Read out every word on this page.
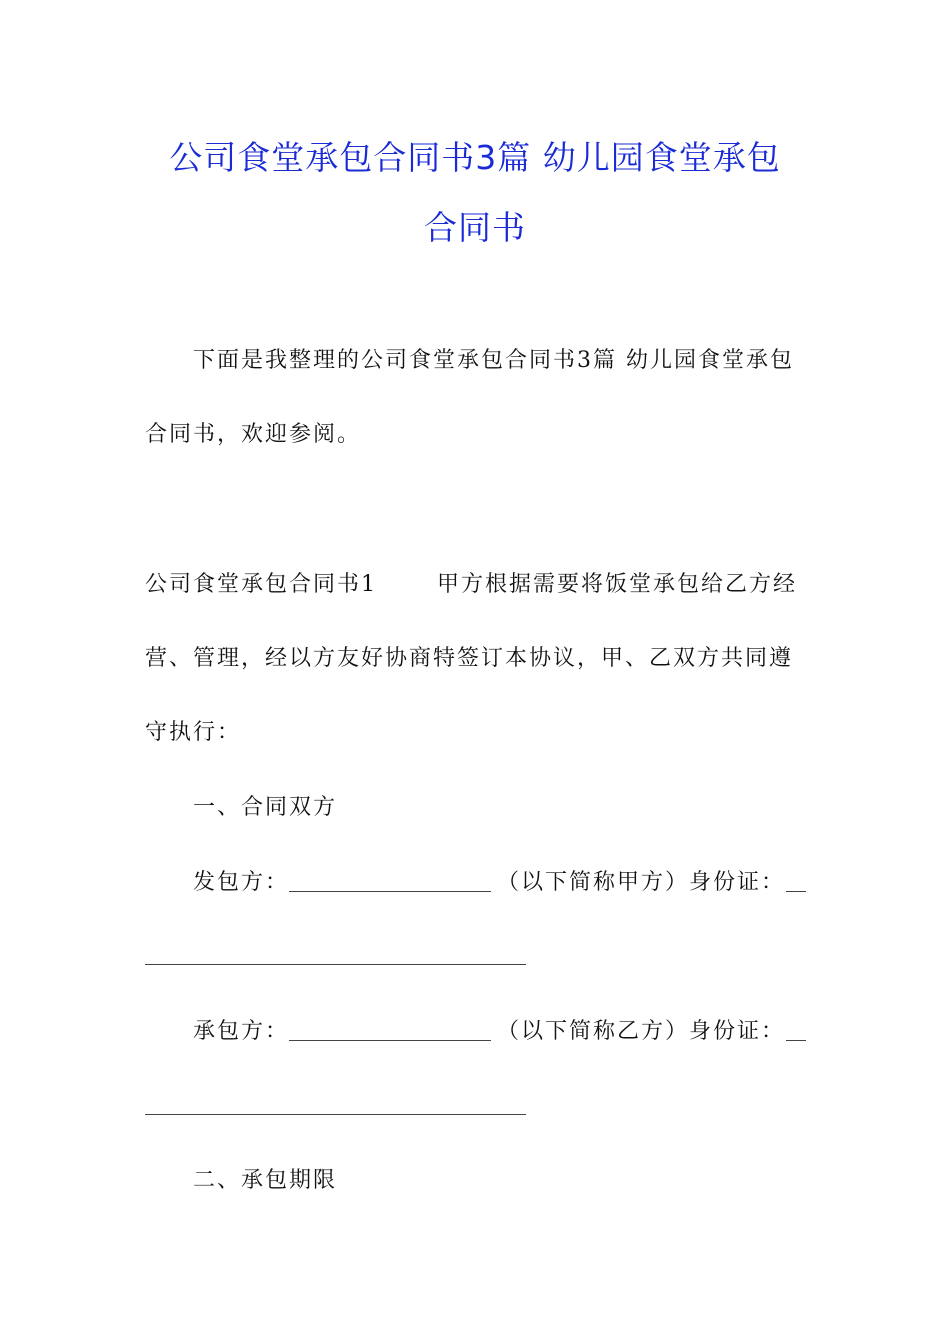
公司食堂承包合同书3篇 幼儿园食堂承包
合同书
下面是我整理的公司食堂承包合同书3篇 幼儿园食堂承包
合同书，欢迎参阅。
公司食堂承包合同书1	甲方根据需要将饭堂承包给乙方经
营、管理，经以方友好协商特签订本协议，甲、乙双方共同遵
守执行：
一、合同双方
发包方：	（以下简称甲方）身份证：
承包方：	（以下简称乙方）身份证：
二、承包期限
